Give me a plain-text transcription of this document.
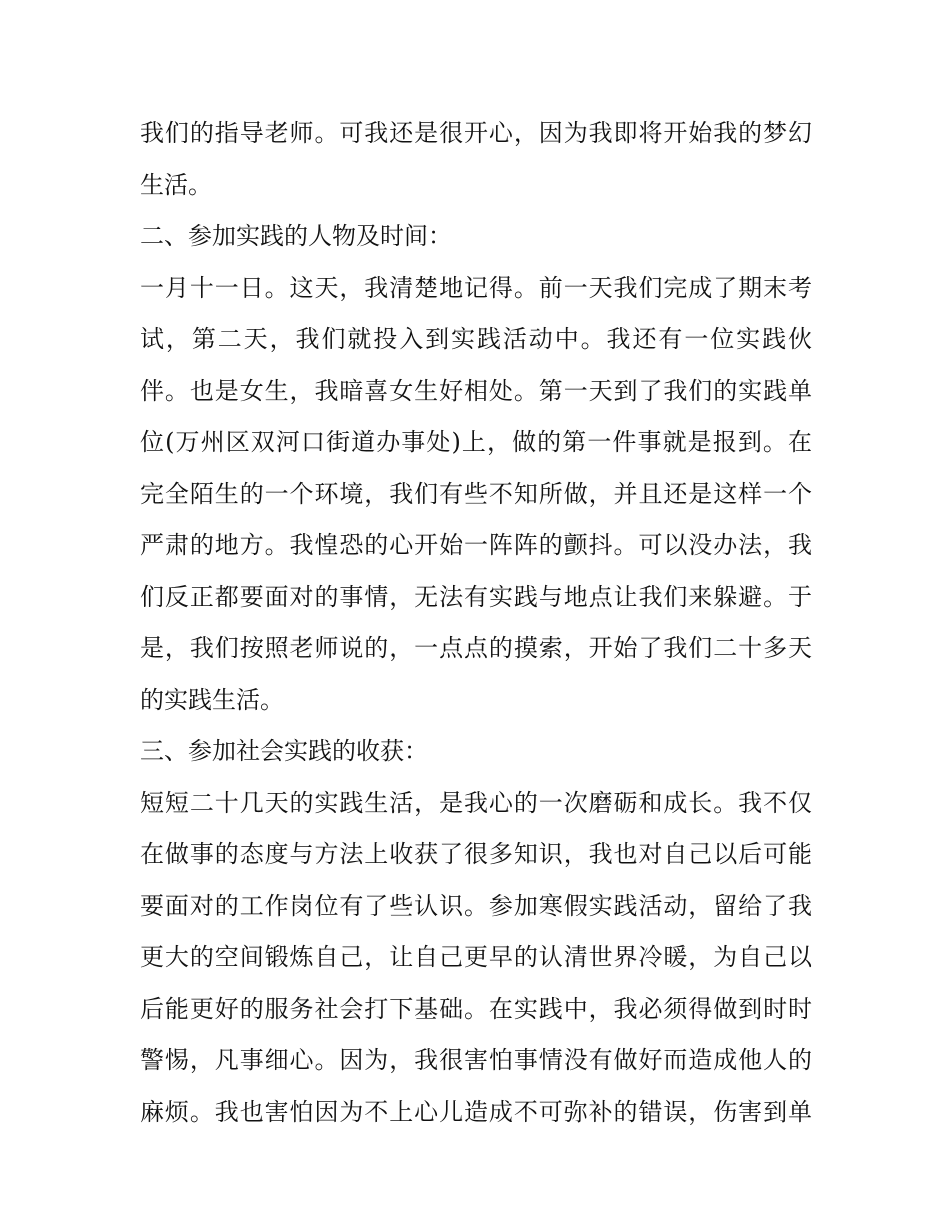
我们的指导老师。可我还是很开心，因为我即将开始我的梦幻
生活。
二、参加实践的人物及时间：
一月十一日。这天，我清楚地记得。前一天我们完成了期末考
试，第二天，我们就投入到实践活动中。我还有一位实践伙
伴。也是女生，我暗喜女生好相处。第一天到了我们的实践单
位(万州区双河口街道办事处)上，做的第一件事就是报到。在
完全陌生的一个环境，我们有些不知所做，并且还是这样一个
严肃的地方。我惶恐的心开始一阵阵的颤抖。可以没办法，我
们反正都要面对的事情，无法有实践与地点让我们来躲避。于
是，我们按照老师说的，一点点的摸索，开始了我们二十多天
的实践生活。
三、参加社会实践的收获：
短短二十几天的实践生活，是我心的一次磨砺和成长。我不仅
在做事的态度与方法上收获了很多知识，我也对自己以后可能
要面对的工作岗位有了些认识。参加寒假实践活动，留给了我
更大的空间锻炼自己，让自己更早的认清世界冷暖，为自己以
后能更好的服务社会打下基础。在实践中，我必须得做到时时
警惕，凡事细心。因为，我很害怕事情没有做好而造成他人的
麻烦。我也害怕因为不上心儿造成不可弥补的错误，伤害到单
